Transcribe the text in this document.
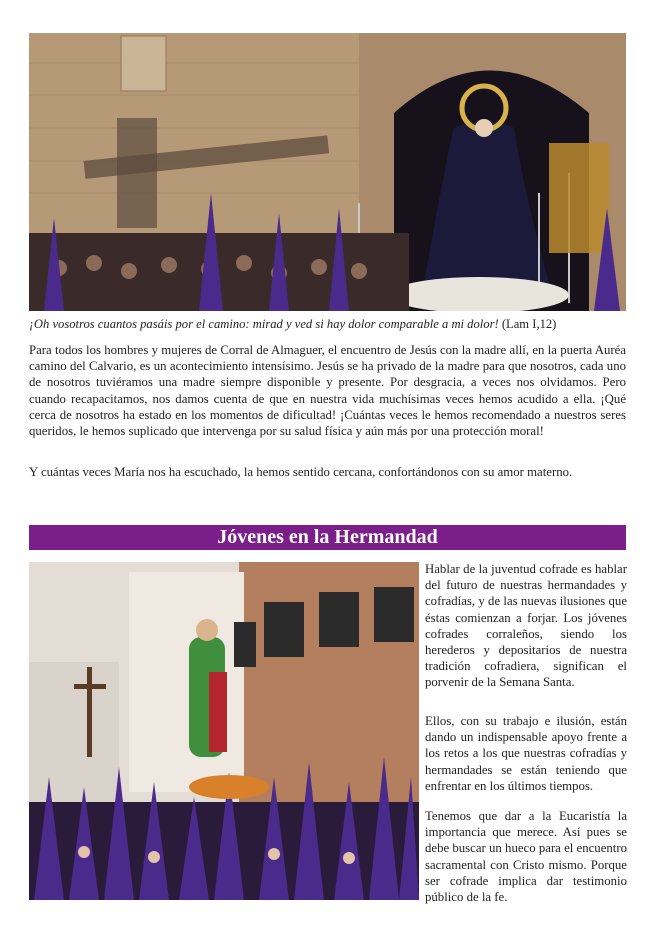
¡Oh vosotros cuantos pasáis por el camino: mirad y ved si hay dolor comparable a mi dolor! (Lam I,12)

Para todos los hombres y mujeres de Corral de Almaguer, el encuentro de Jesús con la madre allí, en la puerta Auréa camino del Calvario, es un acontecimiento intensísimo. Jesús se ha privado de la madre para que nosotros, cada uno de nosotros tuviéramos una madre siempre disponible y presente. Por desgracia, a veces nos olvidamos. Pero cuando recapacitamos, nos damos cuenta de que en nuestra vida muchísimas veces hemos acudido a ella. ¡Qué cerca de nosotros ha estado en los momentos de dificultad! ¡Cuántas veces le hemos recomendado a nuestros seres queridos, le hemos suplicado que intervenga por su salud física y aún más por una protección moral!

Y cuántas veces María nos ha escuchado, la hemos sentido cercana, confortándonos con su amor materno.

Jóvenes en la Hermandad

Hablar de la juventud cofrade es hablar del futuro de nuestras hermandades y cofradías, y de las nuevas ilusiones que éstas comienzan a forjar. Los jóvenes cofrades corraleños, siendo los herederos y depositarios de nuestra tradición cofradiera, significan el porvenir de la Semana Santa.

Ellos, con su trabajo e ilusión, están dando un indispensable apoyo frente a los retos a los que nuestras cofradías y hermandades se están teniendo que enfrentar en los últimos tiempos.

Tenemos que dar a la Eucaristía la importancia que merece. Así pues se debe buscar un hueco para el encuentro sacramental con Cristo mismo. Porque ser cofrade implica dar testimonio público de la fe.
